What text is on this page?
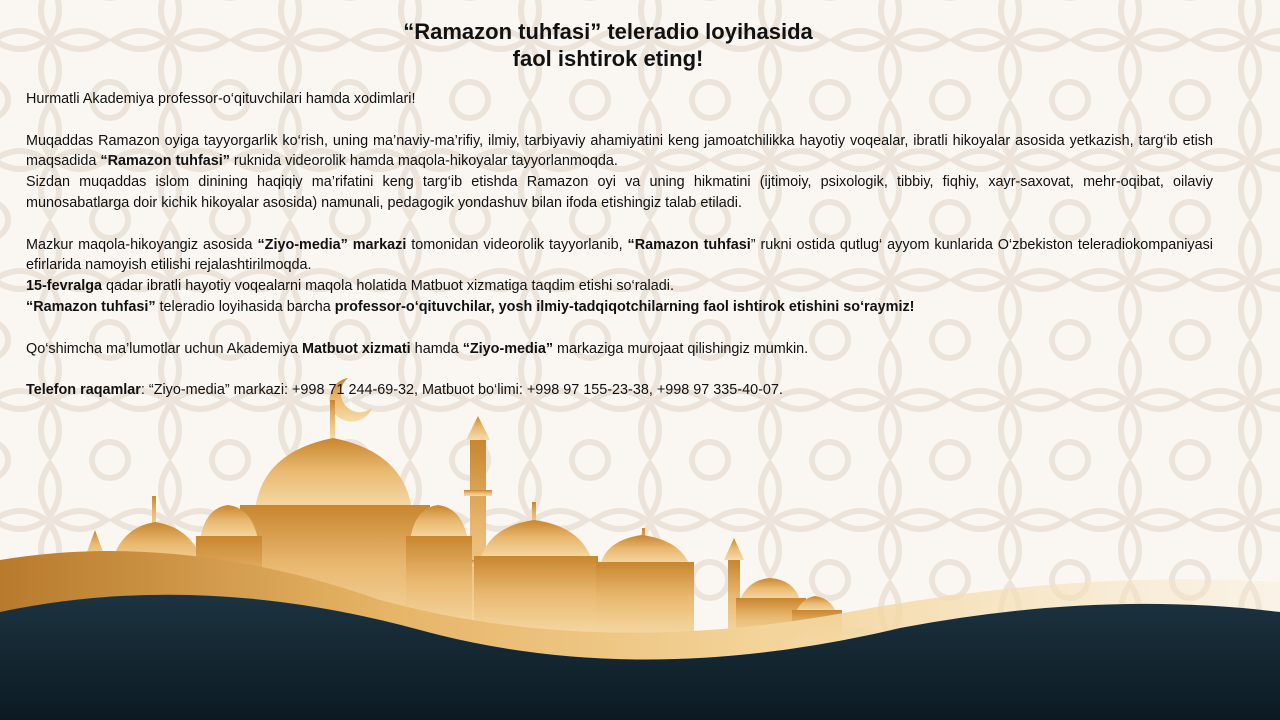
“Ramazon tuhfasi” teleradio loyihasida
faol ishtirok eting!

Hurmatli Akademiya professor-o‘qituvchilari hamda xodimlari!

Muqaddas Ramazon oyiga tayyorgarlik ko‘rish, uning ma’naviy-ma’rifiy, ilmiy, tarbiyaviy ahamiyatini keng jamoatchilikka hayotiy voqealar, ibratli hikoyalar asosida yetkazish, targ‘ib etish maqsadida “Ramazon tuhfasi” ruknida videorolik hamda maqola-hikoyalar tayyorlanmoqda.

Sizdan muqaddas islom dinining haqiqiy ma’rifatini keng targ‘ib etishda Ramazon oyi va uning hikmatini (ijtimoiy, psixologik, tibbiy, fiqhiy, xayr-saxovat, mehr-oqibat, oilaviy munosabatlarga doir kichik hikoyalar asosida) namunali, pedagogik yondashuv bilan ifoda etishingiz talab etiladi.

Mazkur maqola-hikoyangiz asosida “Ziyo-media” markazi tomonidan videorolik tayyorlanib, “Ramazon tuhfasi” rukni ostida qutlug‘ ayyom kunlarida O‘zbekiston teleradiokompaniyasi efirlarida namoyish etilishi rejalashtirilmoqda.

15-fevralga qadar ibratli hayotiy voqealarni maqola holatida Matbuot xizmatiga taqdim etishi so‘raladi.

“Ramazon tuhfasi” teleradio loyihasida barcha professor-o‘qituvchilar, yosh ilmiy-tadqiqotchilarning faol ishtirok etishini so‘raymiz!

Qo‘shimcha ma’lumotlar uchun Akademiya Matbuot xizmati hamda “Ziyo-media” markaziga murojaat qilishingiz mumkin.

Telefon raqamlar: “Ziyo-media” markazi: +998 71 244-69-32, Matbuot bo‘limi: +998 97 155-23-38, +998 97 335-40-07.
